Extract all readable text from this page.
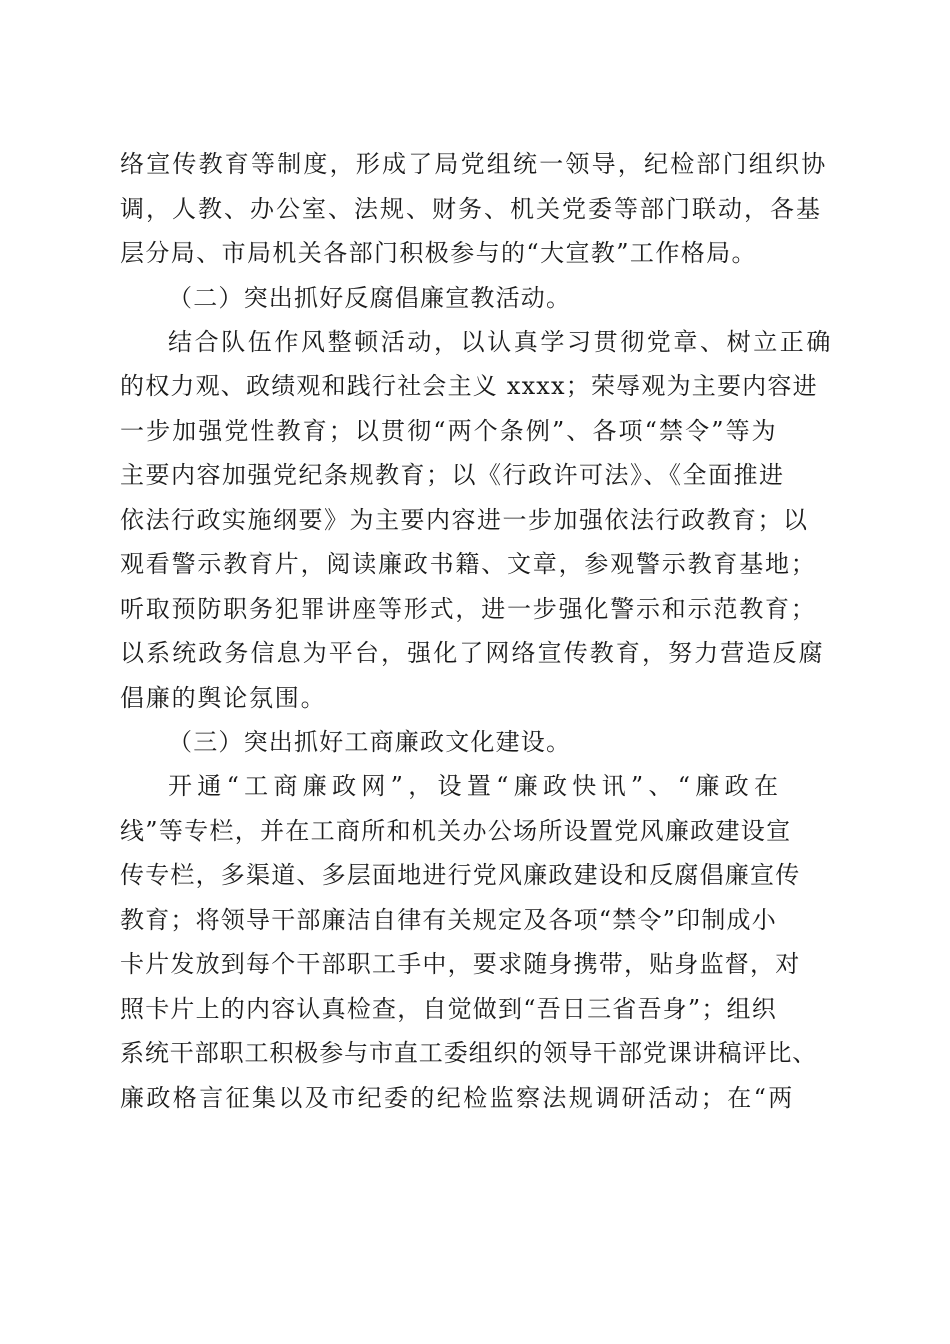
络宣传教育等制度，形成了局党组统一领导，纪检部门组织协
调，人教、办公室、法规、财务、机关党委等部门联动，各基
层分局、市局机关各部门积极参与的“大宣教”工作格局。
（二）突出抓好反腐倡廉宣教活动。
结合队伍作风整顿活动，以认真学习贯彻党章、树立正确
的权力观、政绩观和践行社会主义 xxxx；荣辱观为主要内容进
一步加强党性教育；以贯彻“两个条例”、各项“禁令”等为
主要内容加强党纪条规教育；以《行政许可法》、《全面推进
依法行政实施纲要》为主要内容进一步加强依法行政教育；以
观看警示教育片，阅读廉政书籍、文章，参观警示教育基地；
听取预防职务犯罪讲座等形式，进一步强化警示和示范教育；
以系统政务信息为平台，强化了网络宣传教育，努力营造反腐
倡廉的舆论氛围。
（三）突出抓好工商廉政文化建设。
开通“工商廉政网”，设置“廉政快讯”、“廉政在
线”等专栏，并在工商所和机关办公场所设置党风廉政建设宣
传专栏，多渠道、多层面地进行党风廉政建设和反腐倡廉宣传
教育；将领导干部廉洁自律有关规定及各项“禁令”印制成小
卡片发放到每个干部职工手中，要求随身携带，贴身监督，对
照卡片上的内容认真检查，自觉做到“吾日三省吾身”；组织
系统干部职工积极参与市直工委组织的领导干部党课讲稿评比、
廉政格言征集以及市纪委的纪检监察法规调研活动；在“两
